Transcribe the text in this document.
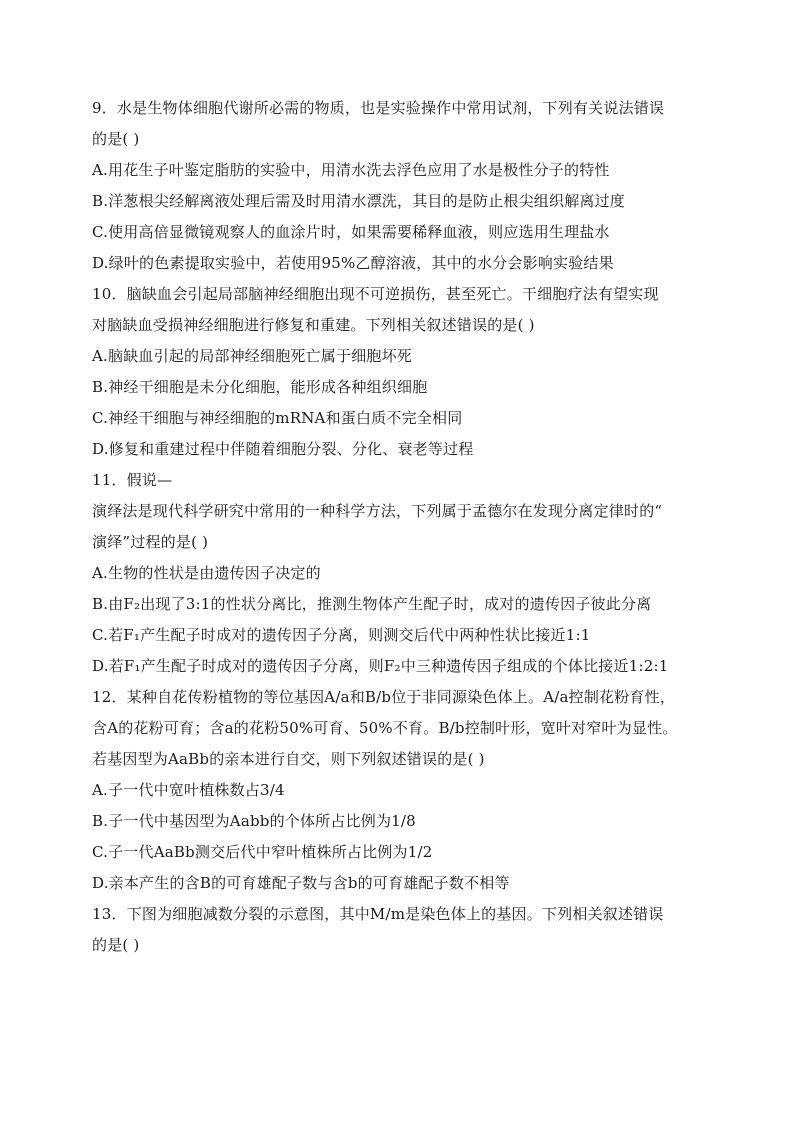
9．水是生物体细胞代谢所必需的物质，也是实验操作中常用试剂，下列有关说法错误
的是( )
A.用花生子叶鉴定脂肪的实验中，用清水洗去浮色应用了水是极性分子的特性
B.洋葱根尖经解离液处理后需及时用清水漂洗，其目的是防止根尖组织解离过度
C.使用高倍显微镜观察人的血涂片时，如果需要稀释血液，则应选用生理盐水
D.绿叶的色素提取实验中，若使用95%乙醇溶液，其中的水分会影响实验结果
10．脑缺血会引起局部脑神经细胞出现不可逆损伤，甚至死亡。干细胞疗法有望实现
对脑缺血受损神经细胞进行修复和重建。下列相关叙述错误的是( )
A.脑缺血引起的局部神经细胞死亡属于细胞坏死
B.神经干细胞是未分化细胞，能形成各种组织细胞
C.神经干细胞与神经细胞的mRNA和蛋白质不完全相同
D.修复和重建过程中伴随着细胞分裂、分化、衰老等过程
11．假说—
演绎法是现代科学研究中常用的一种科学方法，下列属于孟德尔在发现分离定律时的“
演绎”过程的是( )
A.生物的性状是由遗传因子决定的
B.由F₂出现了3:1的性状分离比，推测生物体产生配子时，成对的遗传因子彼此分离
C.若F₁产生配子时成对的遗传因子分离，则测交后代中两种性状比接近1:1
D.若F₁产生配子时成对的遗传因子分离，则F₂中三种遗传因子组成的个体比接近1:2:1
12．某种自花传粉植物的等位基因A/a和B/b位于非同源染色体上。A/a控制花粉育性，
含A的花粉可育；含a的花粉50%可育、50%不育。B/b控制叶形，宽叶对窄叶为显性。
若基因型为AaBb的亲本进行自交，则下列叙述错误的是( )
A.子一代中宽叶植株数占3/4
B.子一代中基因型为Aabb的个体所占比例为1/8
C.子一代AaBb测交后代中窄叶植株所占比例为1/2
D.亲本产生的含B的可育雄配子数与含b的可育雄配子数不相等
13．下图为细胞减数分裂的示意图，其中M/m是染色体上的基因。下列相关叙述错误
的是( )
